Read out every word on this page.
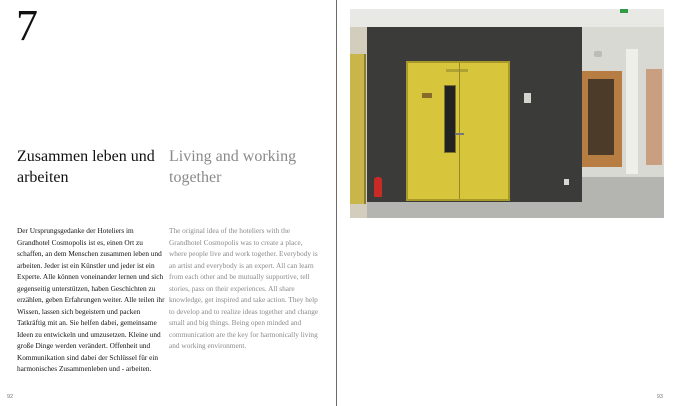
7
Zusammen leben und arbeiten
Living and working together

Der Ursprungsgedanke der Hoteliers im Grandhotel Cosmopolis ist es, einen Ort zu schaffen, an dem Menschen zusammen leben und arbeiten. Jeder ist ein Künstler und jeder ist ein Experte. Alle können voneinander lernen und sich gegenseitig unterstützen, haben Geschichten zu erzählen, geben Erfahrungen weiter. Alle teilen ihr Wissen, lassen sich begeistern und packen Tatkräftig mit an. Sie helfen dabei, gemeinsame Ideen zu entwickeln und umzusetzen. Kleine und große Dinge werden verändert. Offenheit und Kommunikation sind dabei der Schlüssel für ein harmonisches Zusammenleben und - arbeiten.

The original idea of the hoteliers with the Grandhotel Cosmopolis was to create a place, where people live and work together. Everybody is an artist and everybody is an expert. All can learn from each other and be mutually supportive, tell stories, pass on their experiences. All share knowledge, get inspired and take action. They help to develop and to realize ideas together and change small and big things. Being open minded and communication are the key for harmonically living and working environment.

92	93
